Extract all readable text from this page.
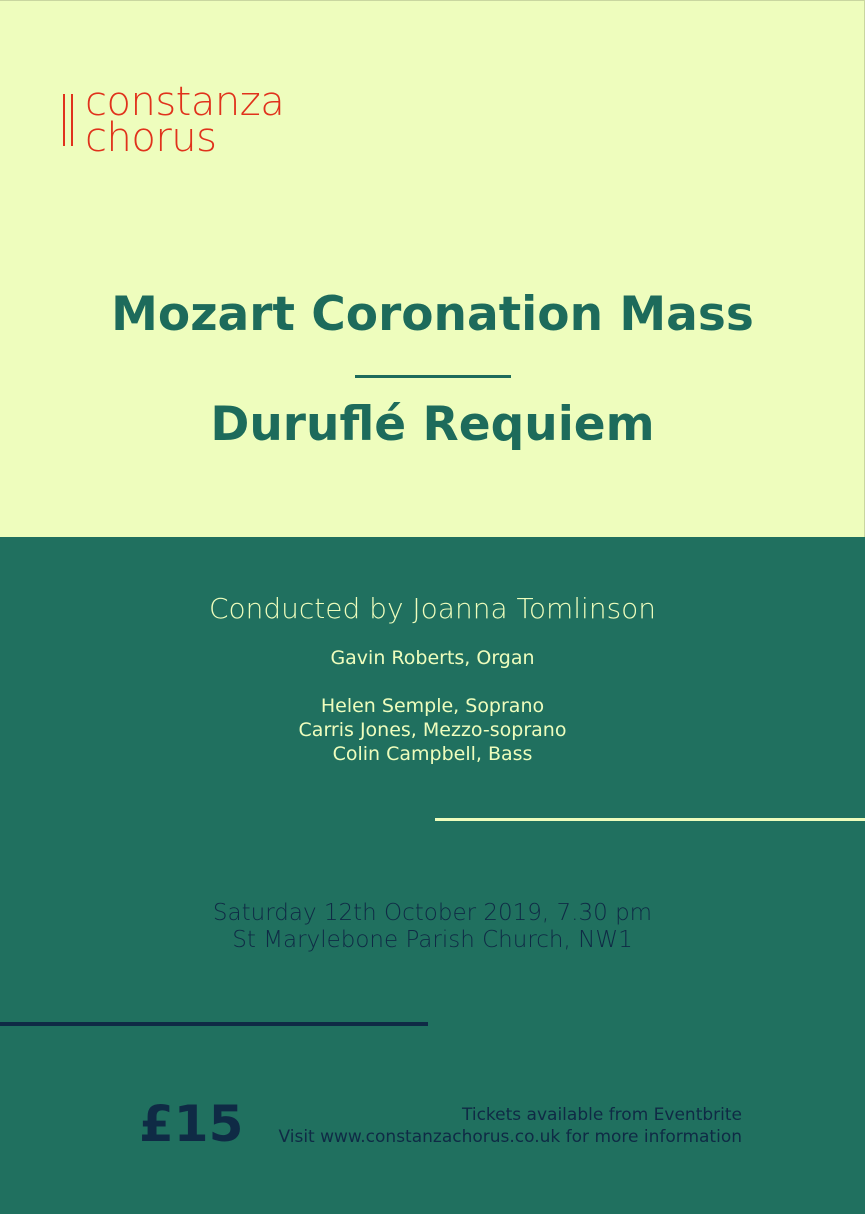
constanza
chorus
Mozart Coronation Mass
Duruflé Requiem
Conducted by Joanna Tomlinson
Gavin Roberts, Organ
Helen Semple, Soprano
Carris Jones, Mezzo-soprano
Colin Campbell, Bass
Saturday 12th October 2019, 7.30 pm
St Marylebone Parish Church, NW1
£15	Tickets available from Eventbrite
Visit www.constanzachorus.co.uk for more information
